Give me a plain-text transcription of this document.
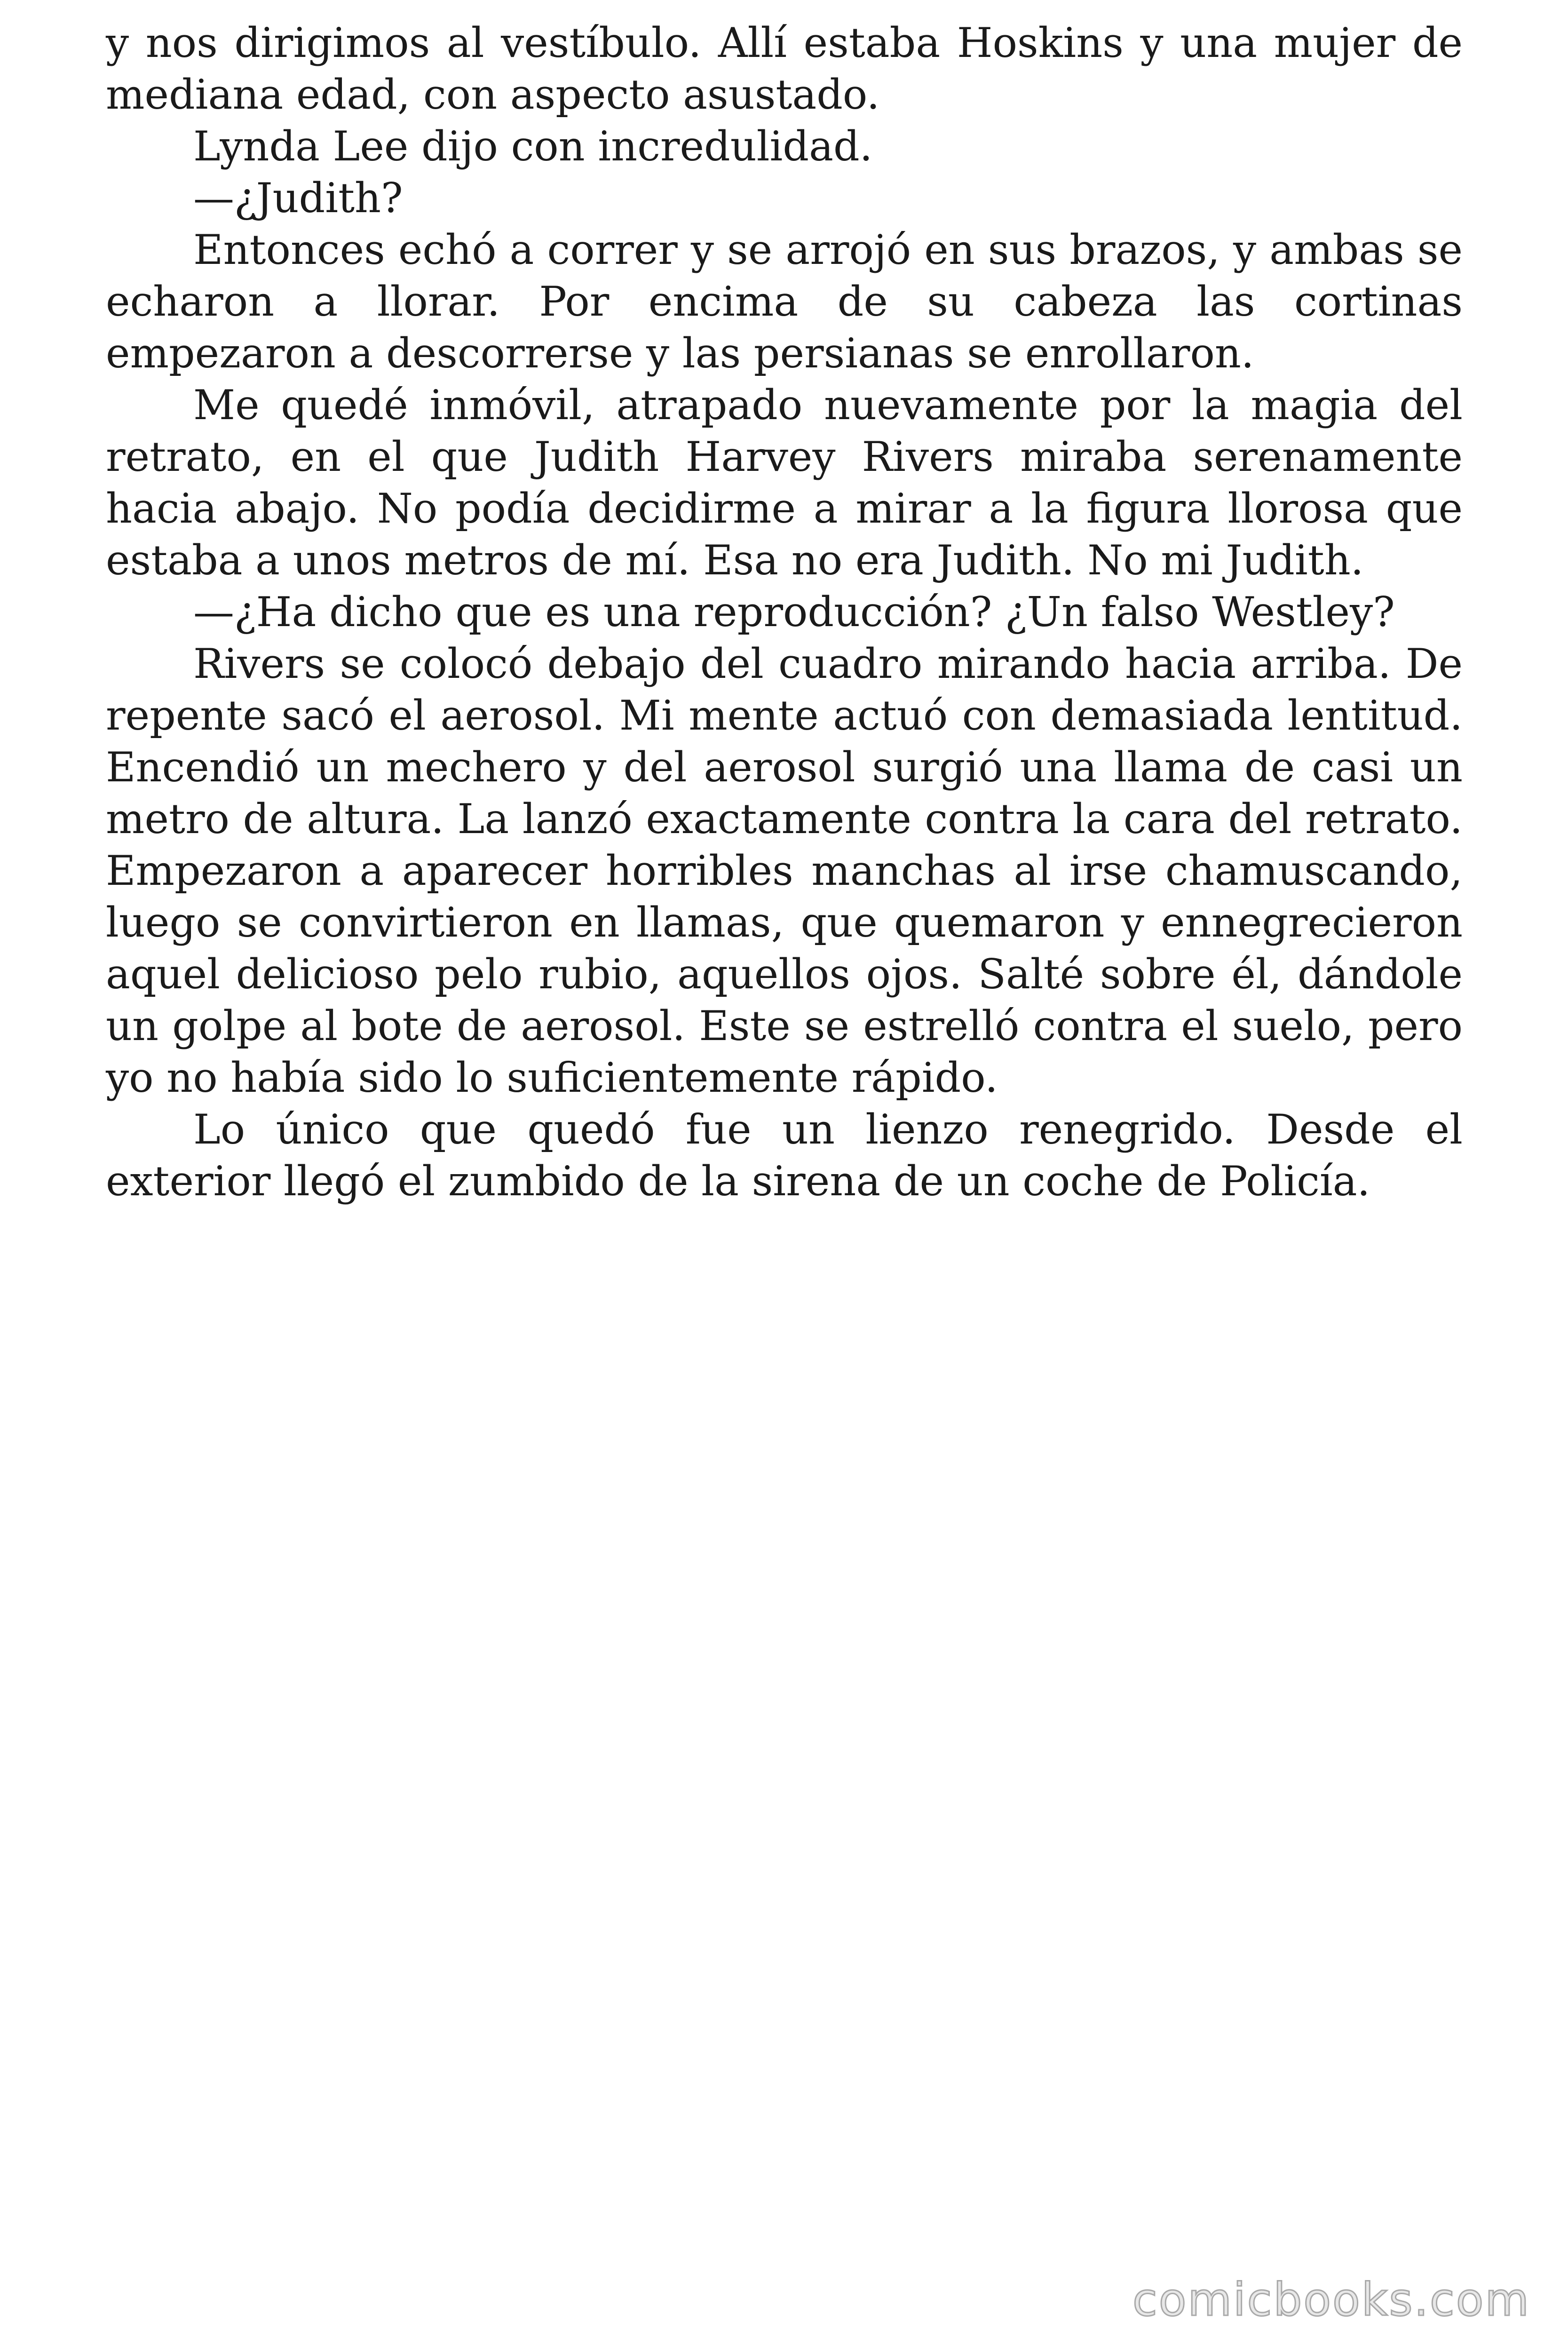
y nos dirigimos al vestíbulo. Allí estaba Hoskins y una mujer de mediana edad, con aspecto asustado.

Lynda Lee dijo con incredulidad.

—¿Judith?

Entonces echó a correr y se arrojó en sus brazos, y ambas se echaron a llorar. Por encima de su cabeza las cortinas empezaron a descorrerse y las persianas se enrollaron.

Me quedé inmóvil, atrapado nuevamente por la magia del retrato, en el que Judith Harvey Rivers miraba serenamente hacia abajo. No podía decidirme a mirar a la figura llorosa que estaba a unos metros de mí. Esa no era Judith. No mi Judith.

—¿Ha dicho que es una reproducción? ¿Un falso Westley?

Rivers se colocó debajo del cuadro mirando hacia arriba. De repente sacó el aerosol. Mi mente actuó con demasiada lentitud. Encendió un mechero y del aerosol surgió una llama de casi un metro de altura. La lanzó exactamente contra la cara del retrato. Empezaron a aparecer horribles manchas al irse chamuscando, luego se convirtieron en llamas, que quemaron y ennegrecieron aquel delicioso pelo rubio, aquellos ojos. Salté sobre él, dándole un golpe al bote de aerosol. Este se estrelló contra el suelo, pero yo no había sido lo suficientemente rápido.

Lo único que quedó fue un lienzo renegrido. Desde el exterior llegó el zumbido de la sirena de un coche de Policía.

comicbooks.com
